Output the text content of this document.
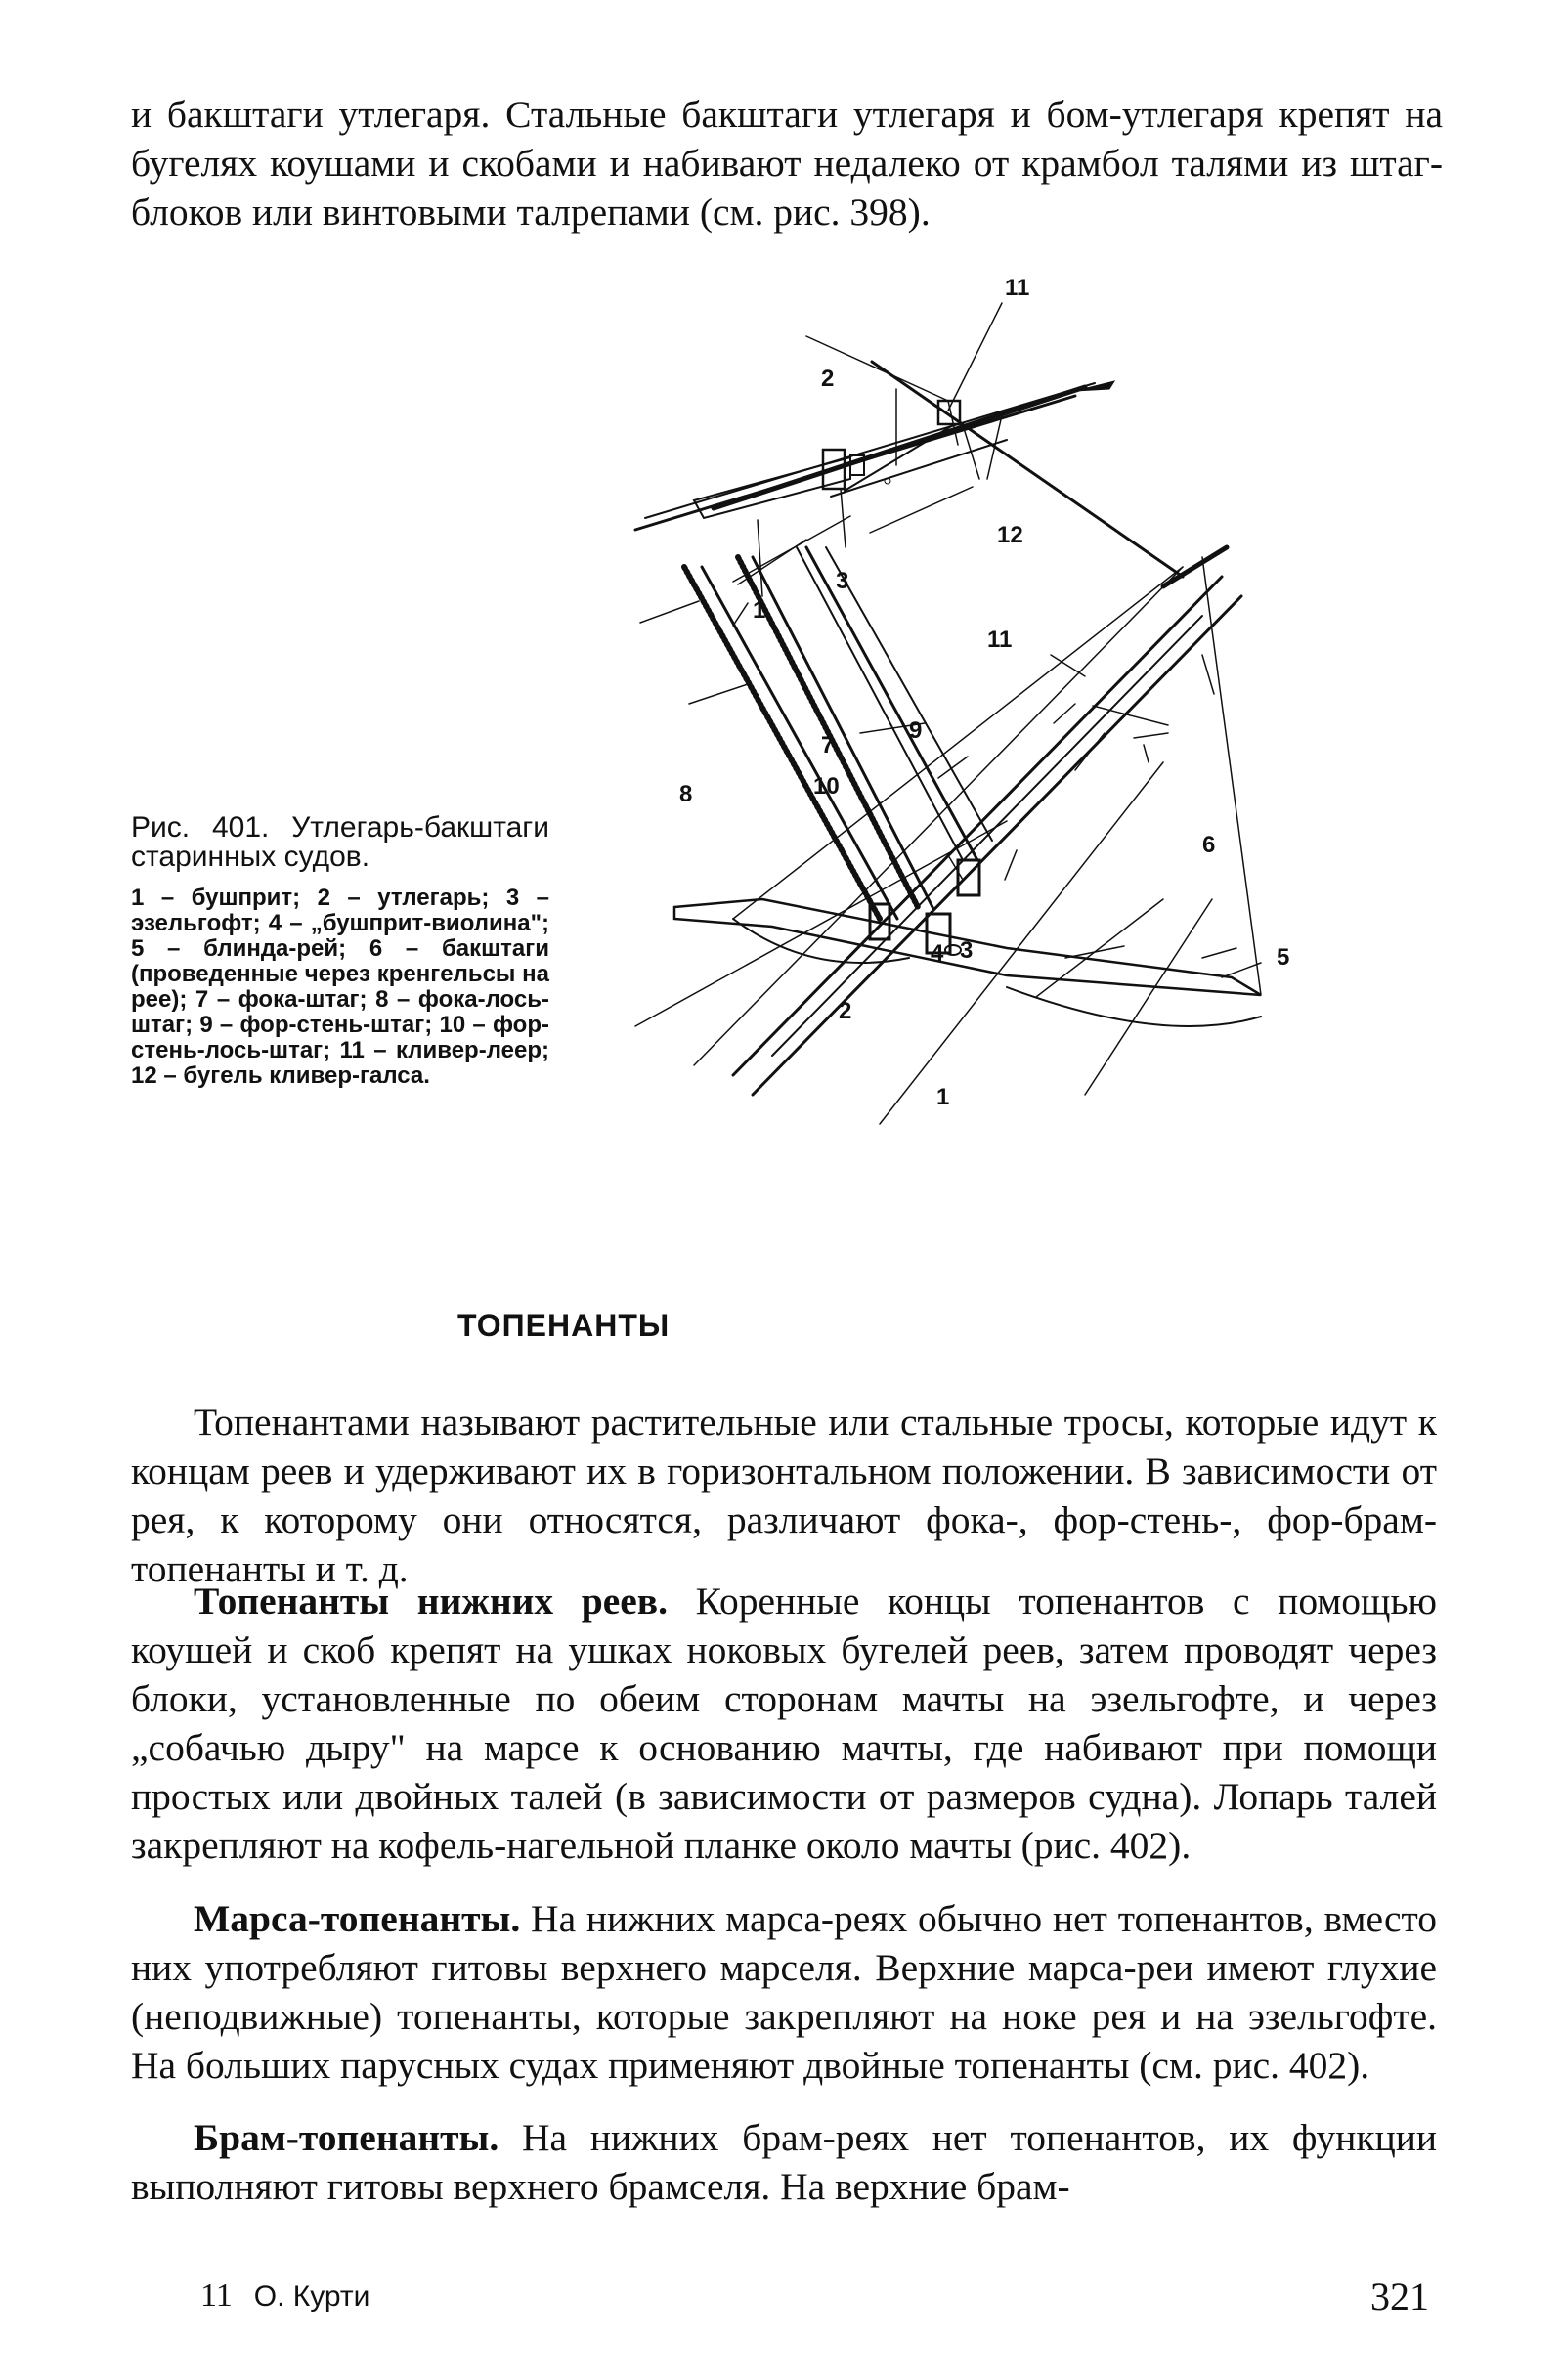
и бакштаги утлегаря. Стальные бакштаги утлегаря и бом-утлегаря крепят на бугелях коушами и скобами и набивают недалеко от крамбол талями из штаг-блоков или винтовыми талрепами (см. рис. 398).

2
11
12
3
1
11
9
7
10
8
6
4 3	5
2
1

Рис. 401. Утлегарь-бакштаги старинных судов.

1 – бушприт; 2 – утлегарь; 3 – эзельгофт; 4 – „бушприт-виолина"; 5 – блинда-рей; 6 – бакштаги (проведенные через кренгельсы на рее); 7 – фока-штаг; 8 – фока-лось-штаг; 9 – фор-стень-штаг; 10 – фор-стень-лось-штаг; 11 – кливер-леер; 12 – бугель кливер-галса.

ТОПЕНАНТЫ

Топенантами называют растительные или стальные тросы, которые идут к концам реев и удерживают их в горизонтальном положении. В зависимости от рея, к которому они относятся, различают фока-, фор-стень-, фор-брам-топенанты и т. д.

Топенанты нижних реев. Коренные концы топенантов с помощью коушей и скоб крепят на ушках ноковых бугелей реев, затем проводят через блоки, установленные по обеим сторонам мачты на эзельгофте, и через „собачью дыру" на марсе к основанию мачты, где набивают при помощи простых или двойных талей (в зависимости от размеров судна). Лопарь талей закрепляют на кофель-нагельной планке около мачты (рис. 402).

Марса-топенанты. На нижних марса-реях обычно нет топенантов, вместо них употребляют гитовы верхнего марселя. Верхние марса-реи имеют глухие (неподвижные) топенанты, которые закрепляют на ноке рея и на эзельгофте. На больших парусных судах применяют двойные топенанты (см. рис. 402).

Брам-топенанты. На нижних брам-реях нет топенантов, их функции выполняют гитовы верхнего брамселя. На верхние брам-

11 О. Курти	321
